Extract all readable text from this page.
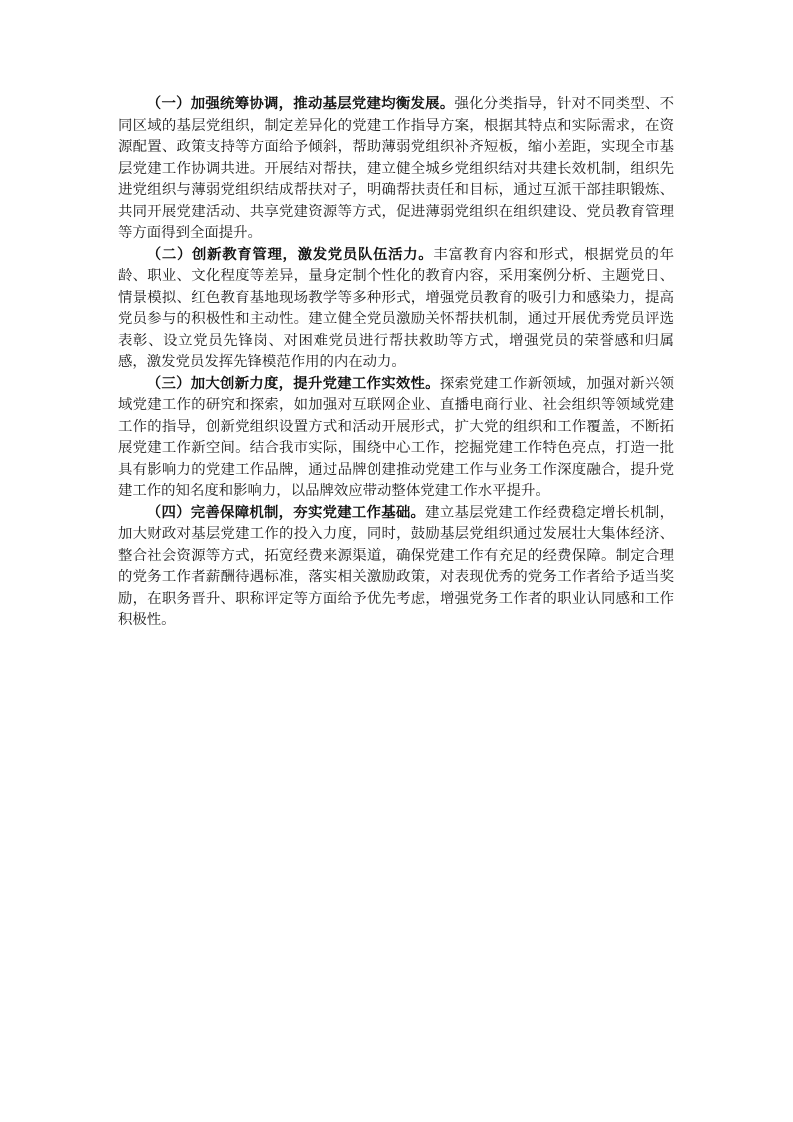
（一）加强统筹协调，推动基层党建均衡发展。强化分类指导，针对不同类型、不同区域的基层党组织，制定差异化的党建工作指导方案，根据其特点和实际需求，在资源配置、政策支持等方面给予倾斜，帮助薄弱党组织补齐短板，缩小差距，实现全市基层党建工作协调共进。开展结对帮扶，建立健全城乡党组织结对共建长效机制，组织先进党组织与薄弱党组织结成帮扶对子，明确帮扶责任和目标，通过互派干部挂职锻炼、共同开展党建活动、共享党建资源等方式，促进薄弱党组织在组织建设、党员教育管理等方面得到全面提升。

（二）创新教育管理，激发党员队伍活力。丰富教育内容和形式，根据党员的年龄、职业、文化程度等差异，量身定制个性化的教育内容，采用案例分析、主题党日、情景模拟、红色教育基地现场教学等多种形式，增强党员教育的吸引力和感染力，提高党员参与的积极性和主动性。建立健全党员激励关怀帮扶机制，通过开展优秀党员评选表彰、设立党员先锋岗、对困难党员进行帮扶救助等方式，增强党员的荣誉感和归属感，激发党员发挥先锋模范作用的内在动力。

（三）加大创新力度，提升党建工作实效性。探索党建工作新领域，加强对新兴领域党建工作的研究和探索，如加强对互联网企业、直播电商行业、社会组织等领域党建工作的指导，创新党组织设置方式和活动开展形式，扩大党的组织和工作覆盖，不断拓展党建工作新空间。结合我市实际，围绕中心工作，挖掘党建工作特色亮点，打造一批具有影响力的党建工作品牌，通过品牌创建推动党建工作与业务工作深度融合，提升党建工作的知名度和影响力，以品牌效应带动整体党建工作水平提升。

（四）完善保障机制，夯实党建工作基础。建立基层党建工作经费稳定增长机制，加大财政对基层党建工作的投入力度，同时，鼓励基层党组织通过发展壮大集体经济、整合社会资源等方式，拓宽经费来源渠道，确保党建工作有充足的经费保障。制定合理的党务工作者薪酬待遇标准，落实相关激励政策，对表现优秀的党务工作者给予适当奖励，在职务晋升、职称评定等方面给予优先考虑，增强党务工作者的职业认同感和工作积极性。
